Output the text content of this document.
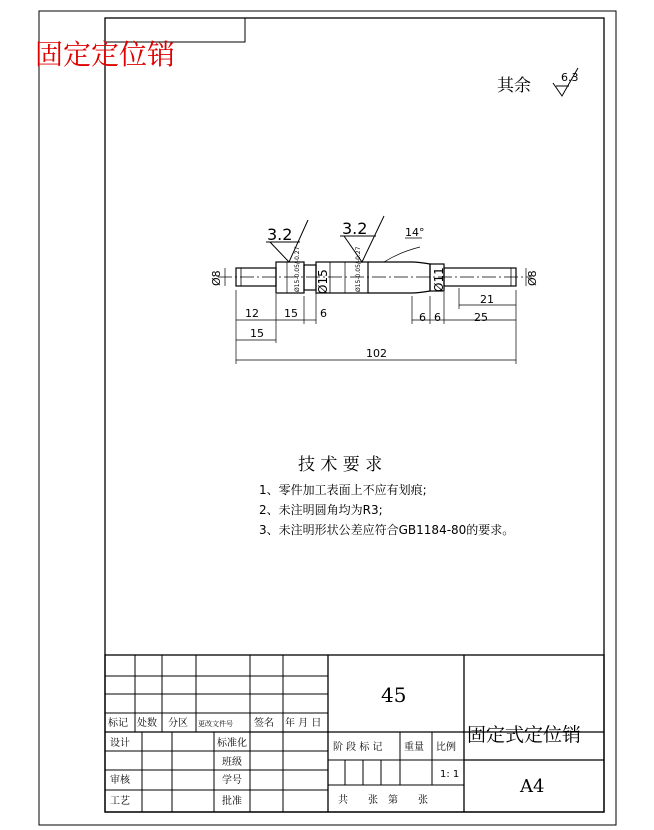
固定定位销
其余	6.3
3.2	3.2	14°
Ø8	Ø8
Ø15	Ø11
Ø15-0.05/-0.27	Ø15-0.05/-0.27
12 15 6
15
6 6
21
25
102
技 术 要 求
1、零件加工表面上不应有划痕;
2、未注明圆角均为R3;
3、未注明形状公差应符合GB1184-80的要求。
标记 处数 分区 更改文件号 签名 年 月 日
设计	标准化
班级
审核	学号
工艺	批准
45
阶 段 标 记 重量 比例
1: 1
共　　张　第　　张
固定式定位销
A4
